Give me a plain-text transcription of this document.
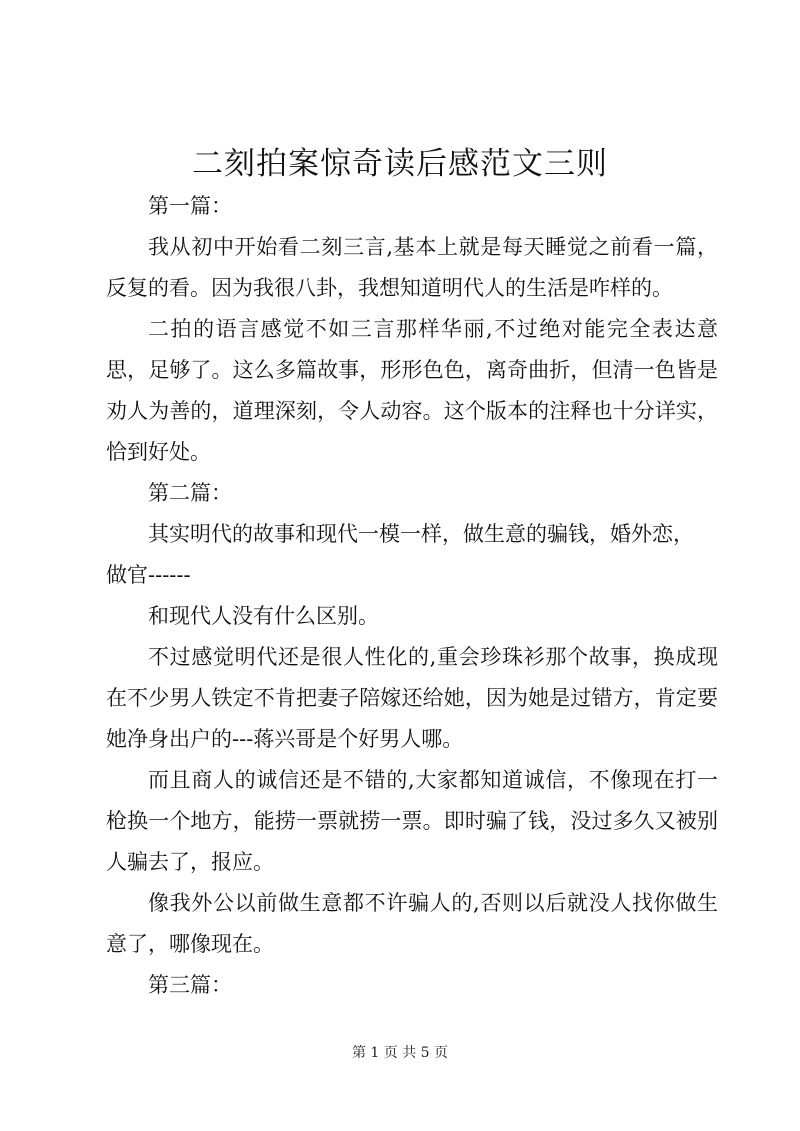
二刻拍案惊奇读后感范文三则

第一篇：

我从初中开始看二刻三言,基本上就是每天睡觉之前看一篇，反复的看。因为我很八卦，我想知道明代人的生活是咋样的。

二拍的语言感觉不如三言那样华丽,不过绝对能完全表达意思，足够了。这么多篇故事，形形色色，离奇曲折，但清一色皆是劝人为善的，道理深刻，令人动容。这个版本的注释也十分详实，恰到好处。

第二篇：

其实明代的故事和现代一模一样，做生意的骗钱，婚外恋，

做官------

和现代人没有什么区别。

不过感觉明代还是很人性化的,重会珍珠衫那个故事，换成现在不少男人铁定不肯把妻子陪嫁还给她，因为她是过错方，肯定要她净身出户的---蒋兴哥是个好男人哪。

而且商人的诚信还是不错的,大家都知道诚信，不像现在打一枪换一个地方，能捞一票就捞一票。即时骗了钱，没过多久又被别人骗去了，报应。

像我外公以前做生意都不许骗人的,否则以后就没人找你做生意了，哪像现在。

第三篇：

第 1 页 共 5 页
